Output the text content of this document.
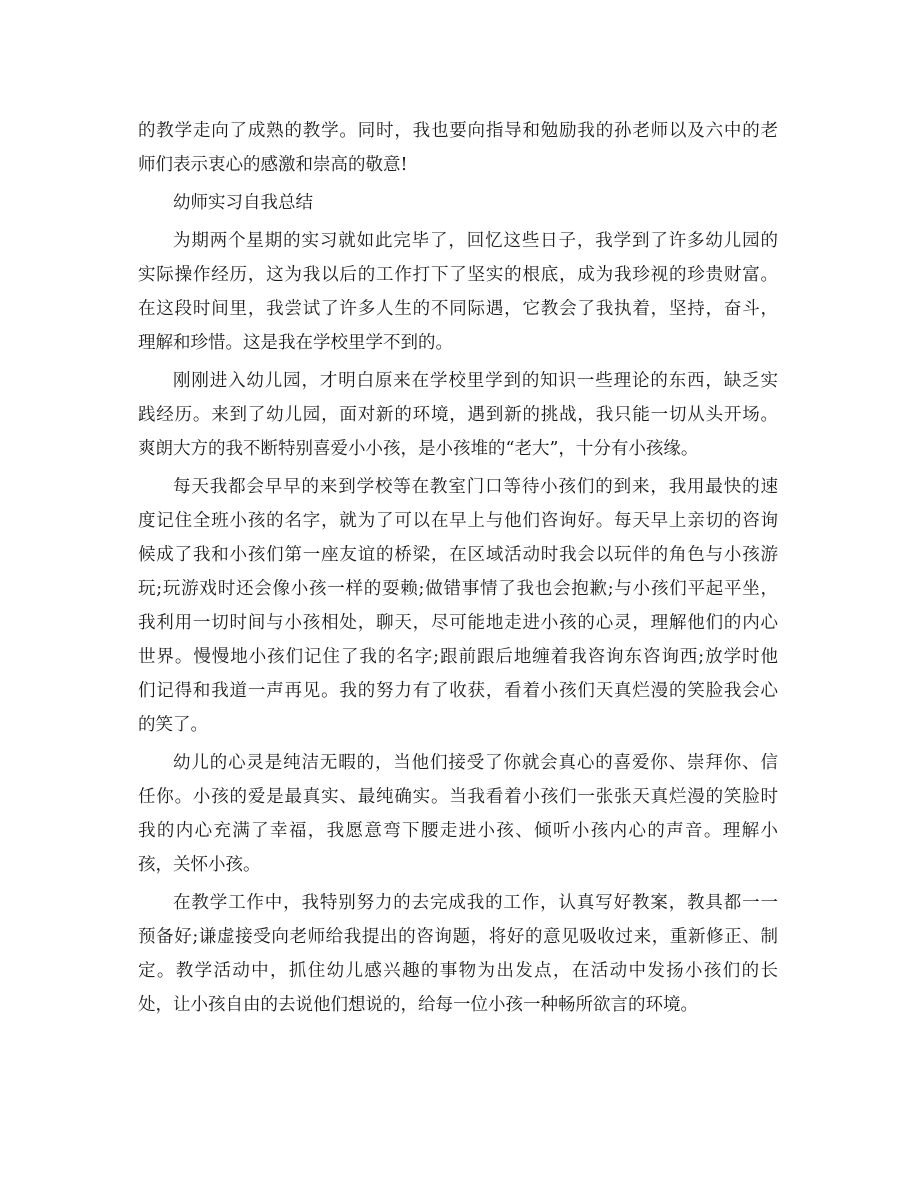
的教学走向了成熟的教学。同时，我也要向指导和勉励我的孙老师以及六中的老
师们表示衷心的感激和崇高的敬意!
幼师实习自我总结
为期两个星期的实习就如此完毕了，回忆这些日子，我学到了许多幼儿园的
实际操作经历，这为我以后的工作打下了坚实的根底，成为我珍视的珍贵财富。
在这段时间里，我尝试了许多人生的不同际遇，它教会了我执着，坚持，奋斗，
理解和珍惜。这是我在学校里学不到的。
刚刚进入幼儿园，才明白原来在学校里学到的知识一些理论的东西，缺乏实
践经历。来到了幼儿园，面对新的环境，遇到新的挑战，我只能一切从头开场。
爽朗大方的我不断特别喜爱小小孩，是小孩堆的“老大”，十分有小孩缘。
每天我都会早早的来到学校等在教室门口等待小孩们的到来，我用最快的速
度记住全班小孩的名字，就为了可以在早上与他们咨询好。每天早上亲切的咨询
候成了我和小孩们第一座友谊的桥梁，在区域活动时我会以玩伴的角色与小孩游
玩;玩游戏时还会像小孩一样的耍赖;做错事情了我也会抱歉;与小孩们平起平坐，
我利用一切时间与小孩相处，聊天，尽可能地走进小孩的心灵，理解他们的内心
世界。慢慢地小孩们记住了我的名字;跟前跟后地缠着我咨询东咨询西;放学时他
们记得和我道一声再见。我的努力有了收获，看着小孩们天真烂漫的笑脸我会心
的笑了。
幼儿的心灵是纯洁无暇的，当他们接受了你就会真心的喜爱你、崇拜你、信
任你。小孩的爱是最真实、最纯确实。当我看着小孩们一张张天真烂漫的笑脸时
我的内心充满了幸福，我愿意弯下腰走进小孩、倾听小孩内心的声音。理解小
孩，关怀小孩。
在教学工作中，我特别努力的去完成我的工作，认真写好教案，教具都一一
预备好;谦虚接受向老师给我提出的咨询题，将好的意见吸收过来，重新修正、制
定。教学活动中，抓住幼儿感兴趣的事物为出发点，在活动中发扬小孩们的长
处，让小孩自由的去说他们想说的，给每一位小孩一种畅所欲言的环境。
